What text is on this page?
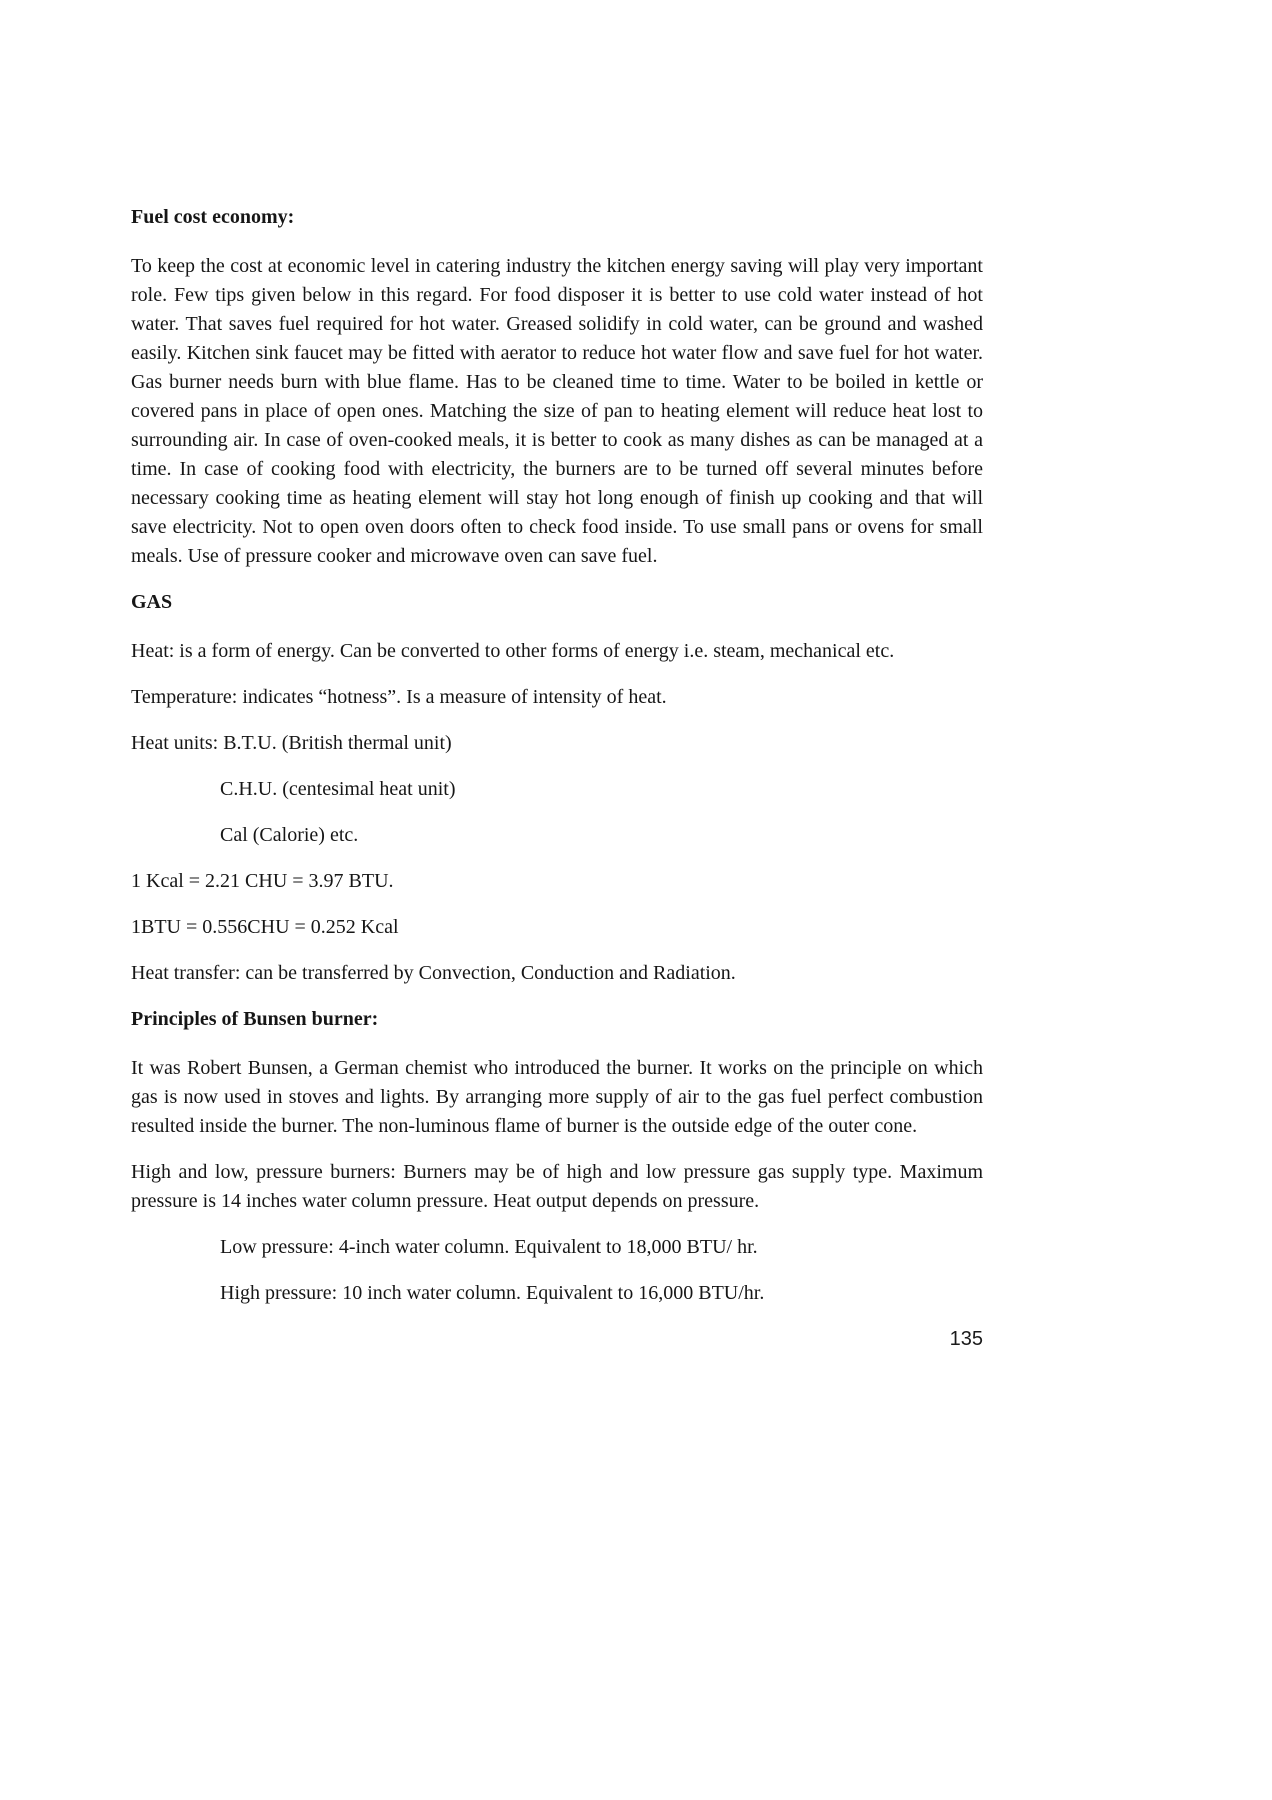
Fuel cost economy:

To keep the cost at economic level in catering industry the kitchen energy saving will play very important role. Few tips given below in this regard. For food disposer it is better to use cold water instead of hot water. That saves fuel required for hot water. Greased solidify in cold water, can be ground and washed easily. Kitchen sink faucet may be fitted with aerator to reduce hot water flow and save fuel for hot water. Gas burner needs burn with blue flame. Has to be cleaned time to time. Water to be boiled in kettle or covered pans in place of open ones. Matching the size of pan to heating element will reduce heat lost to surrounding air. In case of oven-cooked meals, it is better to cook as many dishes as can be managed at a time. In case of cooking food with electricity, the burners are to be turned off several minutes before necessary cooking time as heating element will stay hot long enough of finish up cooking and that will save electricity. Not to open oven doors often to check food inside. To use small pans or ovens for small meals. Use of pressure cooker and microwave oven can save fuel.

GAS

Heat: is a form of energy. Can be converted to other forms of energy i.e. steam, mechanical etc.

Temperature: indicates “hotness”. Is a measure of intensity of heat.

Heat units: B.T.U. (British thermal unit)

C.H.U. (centesimal heat unit)

Cal (Calorie) etc.

1 Kcal = 2.21 CHU = 3.97 BTU.

1BTU = 0.556CHU = 0.252 Kcal

Heat transfer: can be transferred by Convection, Conduction and Radiation.

Principles of Bunsen burner:

It was Robert Bunsen, a German chemist who introduced the burner. It works on the principle on which gas is now used in stoves and lights. By arranging more supply of air to the gas fuel perfect combustion resulted inside the burner. The non-luminous flame of burner is the outside edge of the outer cone.

High and low, pressure burners: Burners may be of high and low pressure gas supply type. Maximum pressure is 14 inches water column pressure. Heat output depends on pressure.

Low pressure: 4-inch water column. Equivalent to 18,000 BTU/ hr.

High pressure: 10 inch water column. Equivalent to 16,000 BTU/hr.

135
